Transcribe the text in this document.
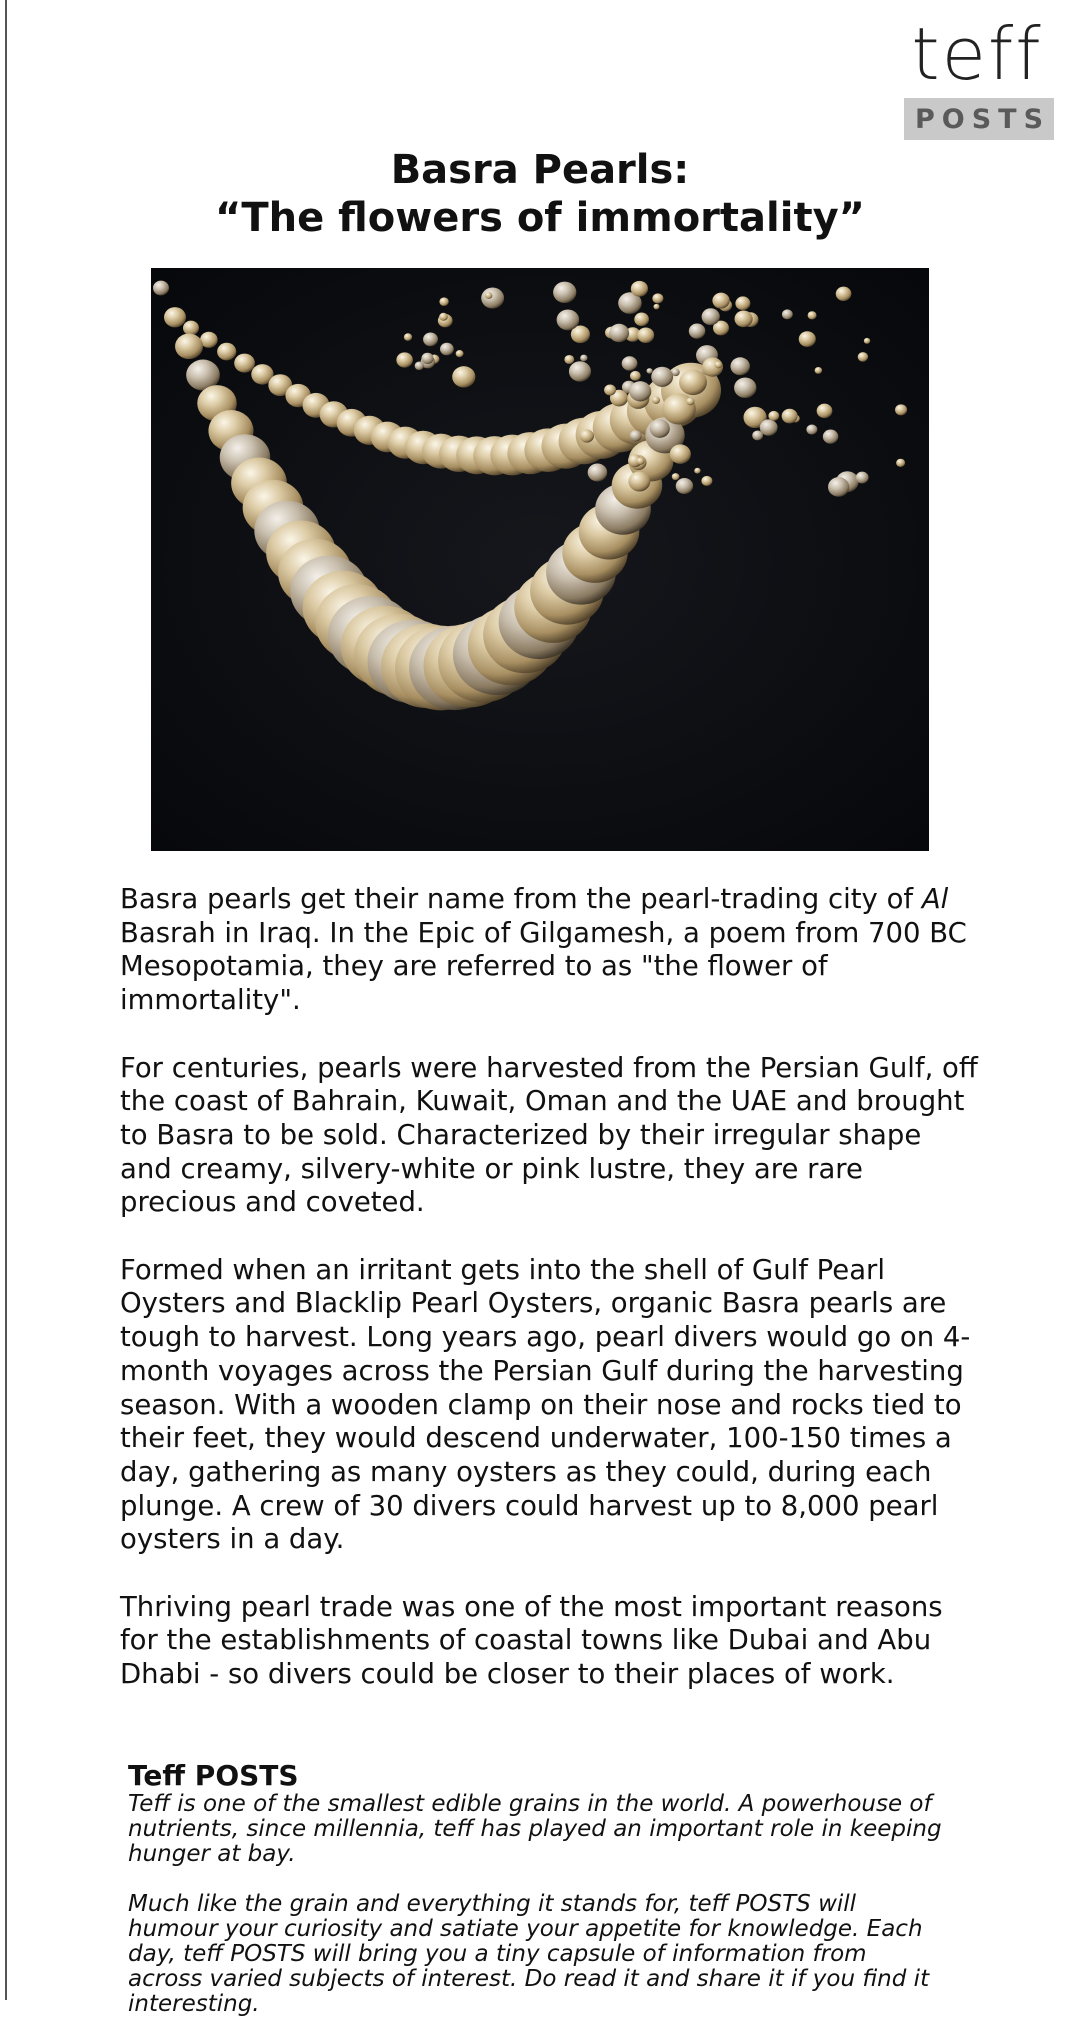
teff
POSTS
Basra Pearls:
“The flowers of immortality”

Basra pearls get their name from the pearl-trading city of Al Basrah in Iraq. In the Epic of Gilgamesh, a poem from 700 BC Mesopotamia, they are referred to as "the flower of immortality".

For centuries, pearls were harvested from the Persian Gulf, off the coast of Bahrain, Kuwait, Oman and the UAE and brought to Basra to be sold. Characterized by their irregular shape and creamy, silvery-white or pink lustre, they are rare precious and coveted.

Formed when an irritant gets into the shell of Gulf Pearl Oysters and Blacklip Pearl Oysters, organic Basra pearls are tough to harvest. Long years ago, pearl divers would go on 4-month voyages across the Persian Gulf during the harvesting season. With a wooden clamp on their nose and rocks tied to their feet, they would descend underwater, 100-150 times a day, gathering as many oysters as they could, during each plunge. A crew of 30 divers could harvest up to 8,000 pearl oysters in a day.

Thriving pearl trade was one of the most important reasons for the establishments of coastal towns like Dubai and Abu Dhabi - so divers could be closer to their places of work.

Teff POSTS

Teff is one of the smallest edible grains in the world. A powerhouse of nutrients, since millennia, teff has played an important role in keeping hunger at bay.

Much like the grain and everything it stands for, teff POSTS will humour your curiosity and satiate your appetite for knowledge. Each day, teff POSTS will bring you a tiny capsule of information from across varied subjects of interest. Do read it and share it if you find it interesting.
